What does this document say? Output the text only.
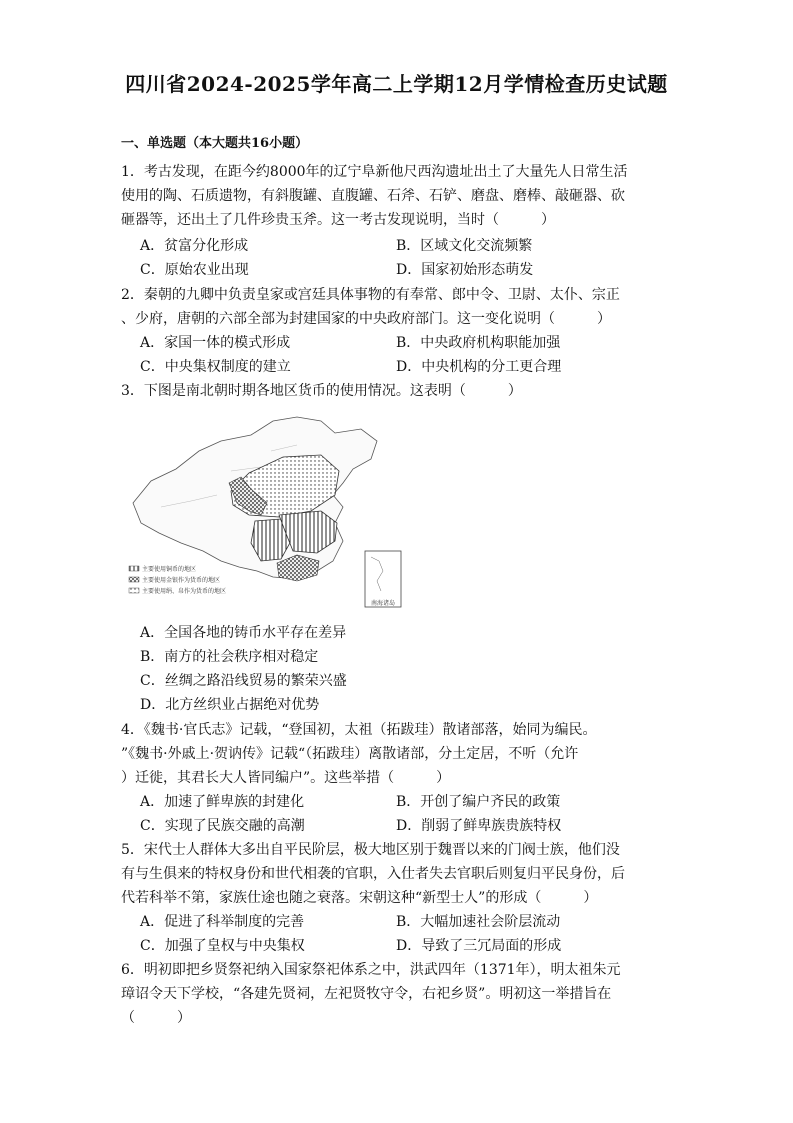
四川省2024-2025学年高二上学期12月学情检查历史试题
一、单选题（本大题共16小题）
1．考古发现，在距今约8000年的辽宁阜新他尺西沟遗址出土了大量先人日常生活
使用的陶、石质遗物，有斜腹罐、直腹罐、石斧、石铲、磨盘、磨棒、敲砸器、砍
砸器等，还出土了几件珍贵玉斧。这一考古发现说明，当时（　　　）
A．贫富分化形成	B．区域文化交流频繁
C．原始农业出现	D．国家初始形态萌发
2．秦朝的九卿中负责皇家或宫廷具体事物的有奉常、郎中令、卫尉、太仆、宗正
、少府，唐朝的六部全部为封建国家的中央政府部门。这一变化说明（　　　）
A．家国一体的模式形成	B．中央政府机构职能加强
C．中央集权制度的建立	D．中央机构的分工更合理
3．下图是南北朝时期各地区货币的使用情况。这表明（　　　）
主要使用铜币的地区
主要使用金银作为货币的地区
主要使用绢、帛作为货币的地区
南海诸岛
A．全国各地的铸币水平存在差异
B．南方的社会秩序相对稳定
C．丝绸之路沿线贸易的繁荣兴盛
D．北方丝织业占据绝对优势
4．《魏书·官氏志》记载，“登国初，太祖（拓跋珪）散诸部落，始同为编民。
”《魏书·外戚上·贺讷传》记载“（拓跋珪）离散诸部，分土定居，不听（允许
）迁徙，其君长大人皆同编户”。这些举措（　　　）
A．加速了鲜卑族的封建化	B．开创了编户齐民的政策
C．实现了民族交融的高潮	D．削弱了鲜卑族贵族特权
5．宋代士人群体大多出自平民阶层，极大地区别于魏晋以来的门阀士族，他们没
有与生俱来的特权身份和世代相袭的官职，入仕者失去官职后则复归平民身份，后
代若科举不第，家族仕途也随之衰落。宋朝这种“新型士人”的形成（　　　）
A．促进了科举制度的完善	B．大幅加速社会阶层流动
C．加强了皇权与中央集权	D．导致了三冗局面的形成
6．明初即把乡贤祭祀纳入国家祭祀体系之中，洪武四年（1371年），明太祖朱元
璋诏令天下学校，“各建先贤祠，左祀贤牧守令，右祀乡贤”。明初这一举措旨在
（　　　）
